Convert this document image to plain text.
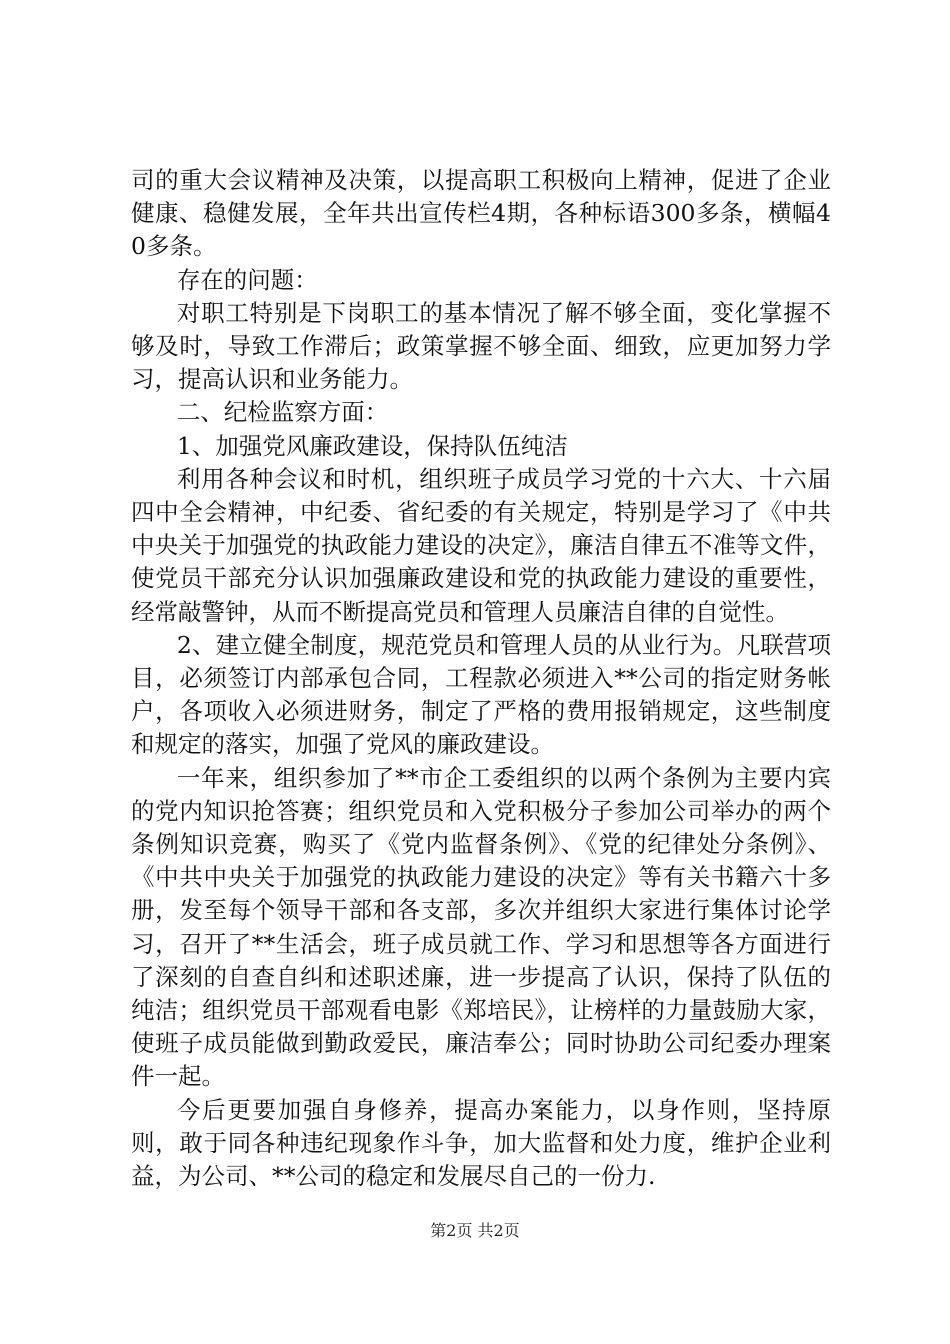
司的重大会议精神及决策，以提高职工积极向上精神，促进了企业健康、稳健发展，全年共出宣传栏4期，各种标语300多条，横幅40多条。

存在的问题：

对职工特别是下岗职工的基本情况了解不够全面，变化掌握不够及时，导致工作滞后；政策掌握不够全面、细致，应更加努力学习，提高认识和业务能力。

二、纪检监察方面：

1、加强党风廉政建设，保持队伍纯洁

利用各种会议和时机，组织班子成员学习党的十六大、十六届四中全会精神，中纪委、省纪委的有关规定，特别是学习了《中共中央关于加强党的执政能力建设的决定》，廉洁自律五不准等文件，使党员干部充分认识加强廉政建设和党的执政能力建设的重要性，经常敲警钟，从而不断提高党员和管理人员廉洁自律的自觉性。

2、建立健全制度，规范党员和管理人员的从业行为。凡联营项目，必须签订内部承包合同，工程款必须进入**公司的指定财务帐户，各项收入必须进财务，制定了严格的费用报销规定，这些制度和规定的落实，加强了党风的廉政建设。

一年来，组织参加了**市企工委组织的以两个条例为主要内宾的党内知识抢答赛；组织党员和入党积极分子参加公司举办的两个条例知识竞赛，购买了《党内监督条例》、《党的纪律处分条例》、《中共中央关于加强党的执政能力建设的决定》等有关书籍六十多册，发至每个领导干部和各支部，多次并组织大家进行集体讨论学习，召开了**生活会，班子成员就工作、学习和思想等各方面进行了深刻的自查自纠和述职述廉，进一步提高了认识，保持了队伍的纯洁；组织党员干部观看电影《郑培民》，让榜样的力量鼓励大家，使班子成员能做到勤政爱民，廉洁奉公；同时协助公司纪委办理案件一起。

今后更要加强自身修养，提高办案能力，以身作则，坚持原则，敢于同各种违纪现象作斗争，加大监督和处力度，维护企业利益，为公司、**公司的稳定和发展尽自己的一份力.

第2页 共2页
